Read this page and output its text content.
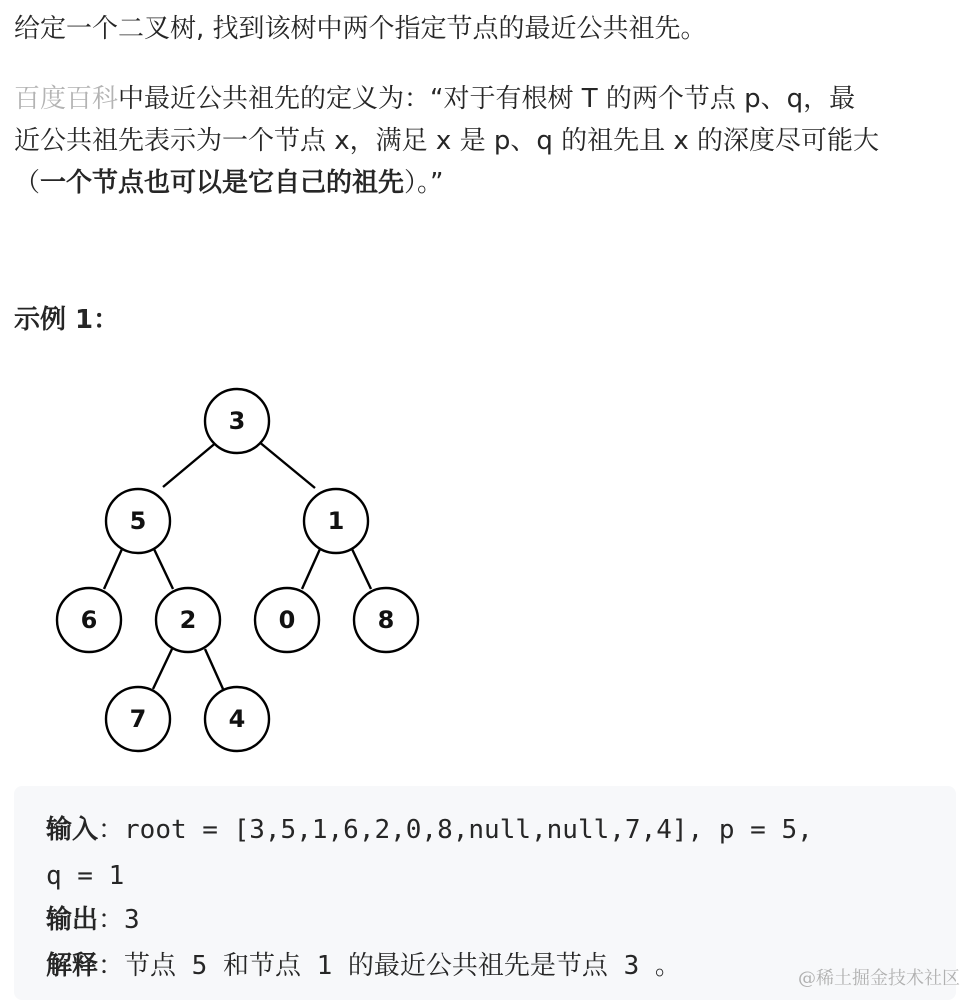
给定一个二叉树, 找到该树中两个指定节点的最近公共祖先。

百度百科中最近公共祖先的定义为：“对于有根树 T 的两个节点 p、q，最
近公共祖先表示为一个节点 x，满足 x 是 p、q 的祖先且 x 的深度尽可能大
（一个节点也可以是它自己的祖先）。”

示例 1：

3
5	1
6	2	0	8
7	4

输入：root = [3,5,1,6,2,0,8,null,null,7,4], p = 5,

q = 1

输出：3

解释：节点 5 和节点 1 的最近公共祖先是节点 3 。	@稀土掘金技术社区
